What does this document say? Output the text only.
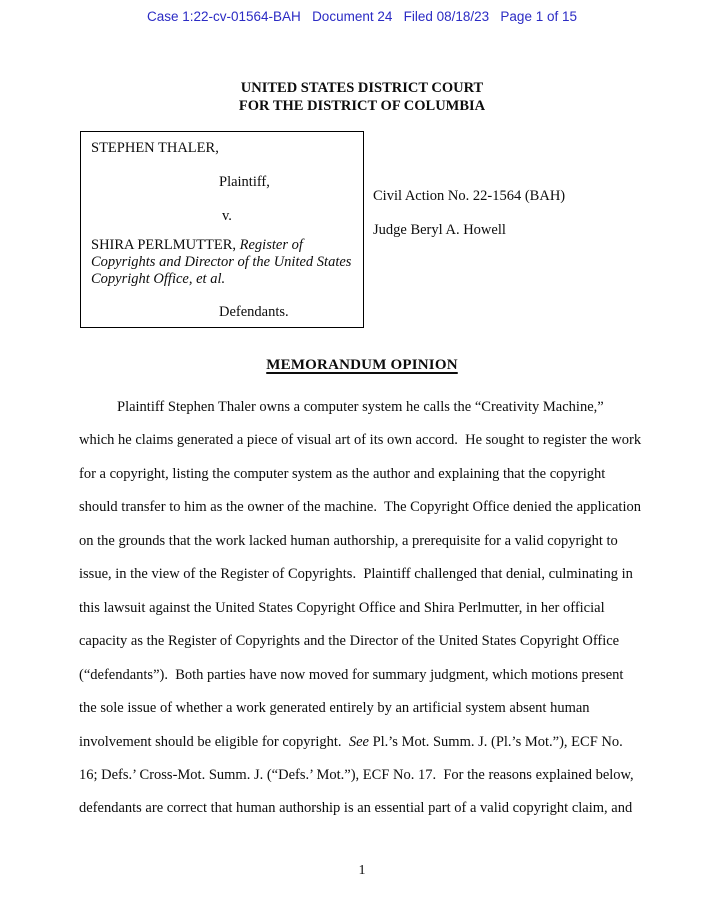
Case 1:22-cv-01564-BAH   Document 24   Filed 08/18/23   Page 1 of 15
UNITED STATES DISTRICT COURT
FOR THE DISTRICT OF COLUMBIA
STEPHEN THALER,
Plaintiff,
v.
SHIRA PERLMUTTER, Register of Copyrights and Director of the United States Copyright Office, et al.
Defendants.
Civil Action No. 22-1564 (BAH)
Judge Beryl A. Howell
MEMORANDUM OPINION
Plaintiff Stephen Thaler owns a computer system he calls the “Creativity Machine,”
which he claims generated a piece of visual art of its own accord.  He sought to register the work
for a copyright, listing the computer system as the author and explaining that the copyright
should transfer to him as the owner of the machine.  The Copyright Office denied the application
on the grounds that the work lacked human authorship, a prerequisite for a valid copyright to
issue, in the view of the Register of Copyrights.  Plaintiff challenged that denial, culminating in
this lawsuit against the United States Copyright Office and Shira Perlmutter, in her official
capacity as the Register of Copyrights and the Director of the United States Copyright Office
(“defendants”).  Both parties have now moved for summary judgment, which motions present
the sole issue of whether a work generated entirely by an artificial system absent human
involvement should be eligible for copyright.  See Pl.’s Mot. Summ. J. (Pl.’s Mot.”), ECF No.
16; Defs.’ Cross-Mot. Summ. J. (“Defs.’ Mot.”), ECF No. 17.  For the reasons explained below,
defendants are correct that human authorship is an essential part of a valid copyright claim, and
1
